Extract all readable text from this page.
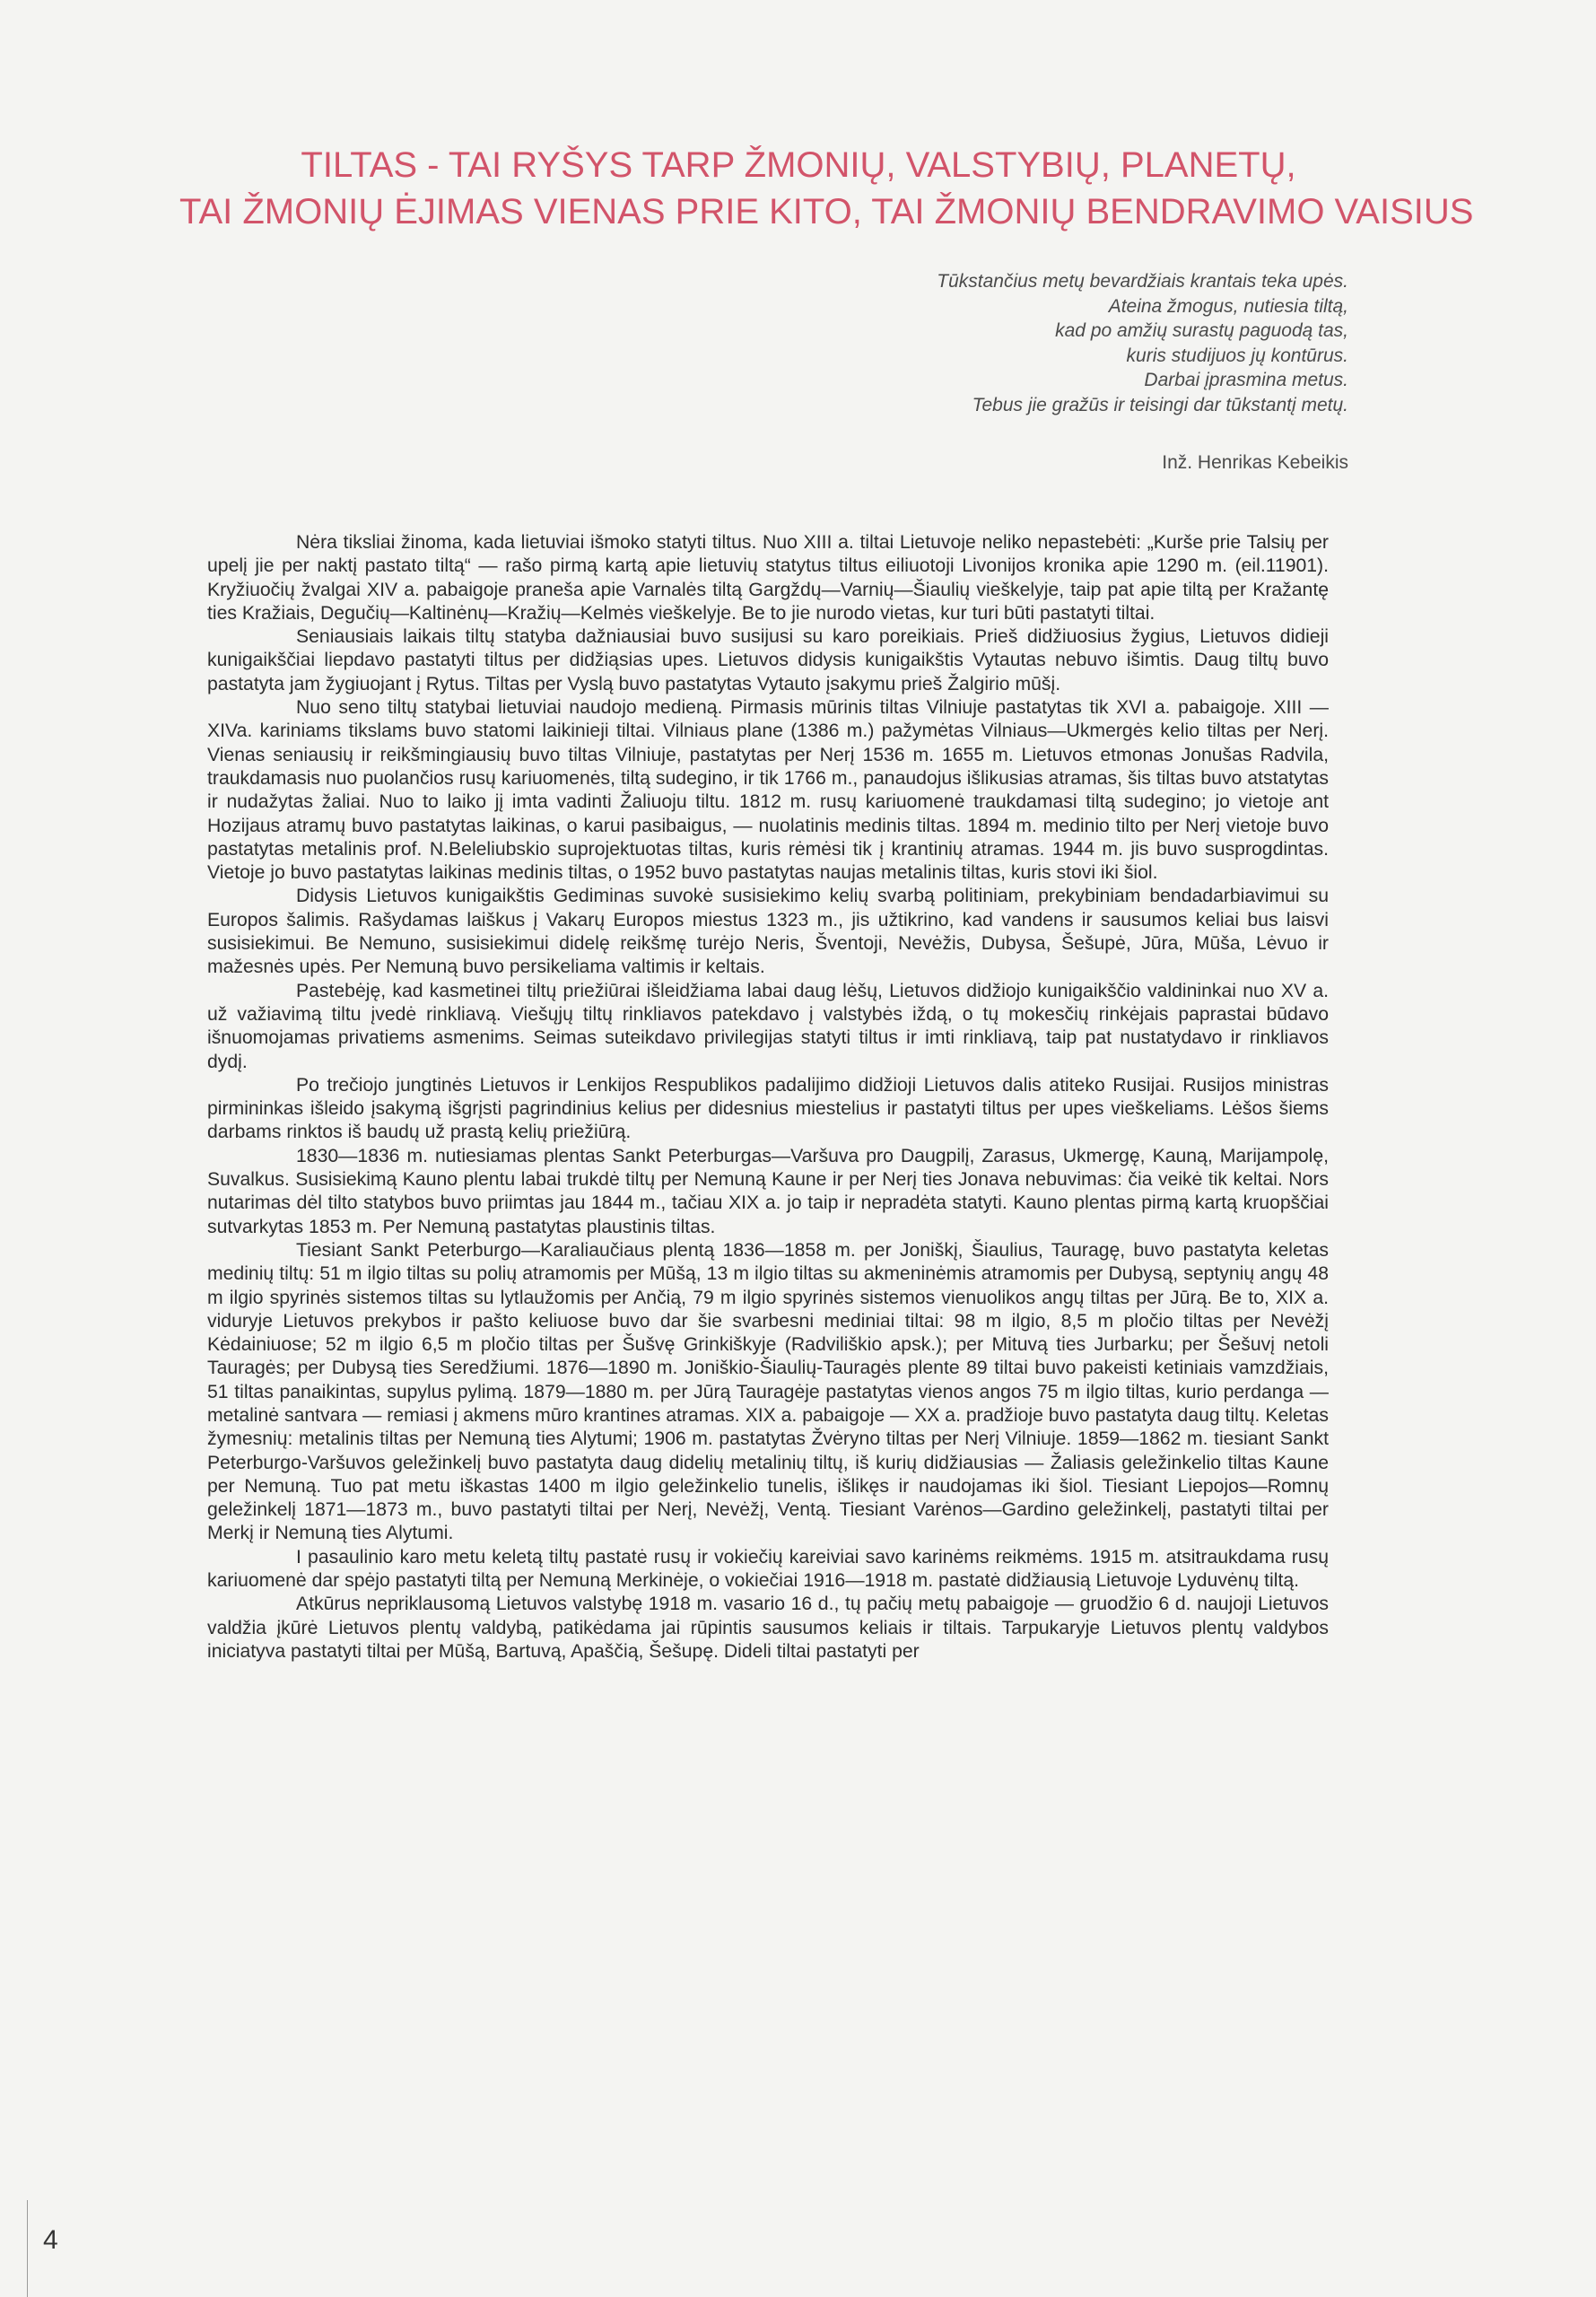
TILTAS - TAI RYŠYS TARP ŽMONIŲ, VALSTYBIŲ, PLANETŲ,
TAI ŽMONIŲ ĖJIMAS VIENAS PRIE KITO, TAI ŽMONIŲ BENDRAVIMO VAISIUS
Tūkstančius metų bevardžiais krantais teka upės.
Ateina žmogus, nutiesia tiltą,
kad po amžių surastų paguodą tas,
kuris studijuos jų kontūrus.
Darbai įprasmina metus.
Tebus jie gražūs ir teisingi dar tūkstantį metų.
Inž. Henrikas Kebeikis

Nėra tiksliai žinoma, kada lietuviai išmoko statyti tiltus. Nuo XIII a. tiltai Lietuvoje neliko nepastebėti: „Kurše prie Talsių per upelį jie per naktį pastato tiltą“ — rašo pirmą kartą apie lietuvių statytus tiltus eiliuotoji Livonijos kronika apie 1290 m. (eil.11901). Kryžiuočių žvalgai XIV a. pabaigoje praneša apie Varnalės tiltą Gargždų—Varnių—Šiaulių vieškelyje, taip pat apie tiltą per Kražantę ties Kražiais, Degučių—Kaltinėnų—Kražių—Kelmės vieškelyje. Be to jie nurodo vietas, kur turi būti pastatyti tiltai.

Seniausiais laikais tiltų statyba dažniausiai buvo susijusi su karo poreikiais. Prieš didžiuosius žygius, Lietuvos didieji kunigaikščiai liepdavo pastatyti tiltus per didžiąsias upes. Lietuvos didysis kunigaikštis Vytautas nebuvo išimtis. Daug tiltų buvo pastatyta jam žygiuojant į Rytus. Tiltas per Vyslą buvo pastatytas Vytauto įsakymu prieš Žalgirio mūšį.

Nuo seno tiltų statybai lietuviai naudojo medieną. Pirmasis mūrinis tiltas Vilniuje pastatytas tik XVI a. pabaigoje. XIII — XIVa. kariniams tikslams buvo statomi laikinieji tiltai. Vilniaus plane (1386 m.) pažymėtas Vilniaus—Ukmergės kelio tiltas per Nerį. Vienas seniausių ir reikšmingiausių buvo tiltas Vilniuje, pastatytas per Nerį 1536 m. 1655 m. Lietuvos etmonas Jonušas Radvila, traukdamasis nuo puolančios rusų kariuomenės, tiltą sudegino, ir tik 1766 m., panaudojus išlikusias atramas, šis tiltas buvo atstatytas ir nudažytas žaliai. Nuo to laiko jį imta vadinti Žaliuoju tiltu. 1812 m. rusų kariuomenė traukdamasi tiltą sudegino; jo vietoje ant Hozijaus atramų buvo pastatytas laikinas, o karui pasibaigus, — nuolatinis medinis tiltas. 1894 m. medinio tilto per Nerį vietoje buvo pastatytas metalinis prof. N.Beleliubskio suprojektuotas tiltas, kuris rėmėsi tik į krantinių atramas. 1944 m. jis buvo susprogdintas. Vietoje jo buvo pastatytas laikinas medinis tiltas, o 1952 buvo pastatytas naujas metalinis tiltas, kuris stovi iki šiol.

Didysis Lietuvos kunigaikštis Gediminas suvokė susisiekimo kelių svarbą politiniam, prekybiniam bendadarbiavimui su Europos šalimis. Rašydamas laiškus į Vakarų Europos miestus 1323 m., jis užtikrino, kad vandens ir sausumos keliai bus laisvi susisiekimui. Be Nemuno, susisiekimui didelę reikšmę turėjo Neris, Šventoji, Nevėžis, Dubysa, Šešupė, Jūra, Mūša, Lėvuo ir mažesnės upės. Per Nemuną buvo persikeliama valtimis ir keltais.

Pastebėję, kad kasmetinei tiltų priežiūrai išleidžiama labai daug lėšų, Lietuvos didžiojo kunigaikščio valdininkai nuo XV a. už važiavimą tiltu įvedė rinkliavą. Viešųjų tiltų rinkliavos patekdavo į valstybės iždą, o tų mokesčių rinkėjais paprastai būdavo išnuomojamas privatiems asmenims. Seimas suteikdavo privilegijas statyti tiltus ir imti rinkliavą, taip pat nustatydavo ir rinkliavos dydį.

Po trečiojo jungtinės Lietuvos ir Lenkijos Respublikos padalijimo didžioji Lietuvos dalis atiteko Rusijai. Rusijos ministras pirmininkas išleido įsakymą išgrįsti pagrindinius kelius per didesnius miestelius ir pastatyti tiltus per upes vieškeliams. Lėšos šiems darbams rinktos iš baudų už prastą kelių priežiūrą.

1830—1836 m. nutiesiamas plentas Sankt Peterburgas—Varšuva pro Daugpilį, Zarasus, Ukmergę, Kauną, Marijampolę, Suvalkus. Susisiekimą Kauno plentu labai trukdė tiltų per Nemuną Kaune ir per Nerį ties Jonava nebuvimas: čia veikė tik keltai. Nors nutarimas dėl tilto statybos buvo priimtas jau 1844 m., tačiau XIX a. jo taip ir nepradėta statyti. Kauno plentas pirmą kartą kruopščiai sutvarkytas 1853 m. Per Nemuną pastatytas plaustinis tiltas.

Tiesiant Sankt Peterburgo—Karaliaučiaus plentą 1836—1858 m. per Joniškį, Šiaulius, Tauragę, buvo pastatyta keletas medinių tiltų: 51 m ilgio tiltas su polių atramomis per Mūšą, 13 m ilgio tiltas su akmeninėmis atramomis per Dubysą, septynių angų 48 m ilgio spyrinės sistemos tiltas su lytlaužomis per Ančią, 79 m ilgio spyrinės sistemos vienuolikos angų tiltas per Jūrą. Be to, XIX a. viduryje Lietuvos prekybos ir pašto keliuose buvo dar šie svarbesni mediniai tiltai: 98 m ilgio, 8,5 m pločio tiltas per Nevėžį Kėdainiuose; 52 m ilgio 6,5 m pločio tiltas per Šušvę Grinkiškyje (Radviliškio apsk.); per Mituvą ties Jurbarku; per Šešuvį netoli Tauragės; per Dubysą ties Seredžiumi. 1876—1890 m. Joniškio-Šiaulių-Tauragės plente 89 tiltai buvo pakeisti ketiniais vamzdžiais, 51 tiltas panaikintas, supylus pylimą. 1879—1880 m. per Jūrą Tauragėje pastatytas vienos angos 75 m ilgio tiltas, kurio perdanga — metalinė santvara — remiasi į akmens mūro krantines atramas. XIX a. pabaigoje — XX a. pradžioje buvo pastatyta daug tiltų. Keletas žymesnių: metalinis tiltas per Nemuną ties Alytumi; 1906 m. pastatytas Žvėryno tiltas per Nerį Vilniuje. 1859—1862 m. tiesiant Sankt Peterburgo-Varšuvos geležinkelį buvo pastatyta daug didelių metalinių tiltų, iš kurių didžiausias — Žaliasis geležinkelio tiltas Kaune per Nemuną. Tuo pat metu iškastas 1400 m ilgio geležinkelio tunelis, išlikęs ir naudojamas iki šiol. Tiesiant Liepojos—Romnų geležinkelį 1871—1873 m., buvo pastatyti tiltai per Nerį, Nevėžį, Ventą. Tiesiant Varėnos—Gardino geležinkelį, pastatyti tiltai per Merkį ir Nemuną ties Alytumi.

I pasaulinio karo metu keletą tiltų pastatė rusų ir vokiečių kareiviai savo karinėms reikmėms. 1915 m. atsitraukdama rusų kariuomenė dar spėjo pastatyti tiltą per Nemuną Merkinėje, o vokiečiai 1916—1918 m. pastatė didžiausią Lietuvoje Lyduvėnų tiltą.

Atkūrus nepriklausomą Lietuvos valstybę 1918 m. vasario 16 d., tų pačių metų pabaigoje — gruodžio 6 d. naujoji Lietuvos valdžia įkūrė Lietuvos plentų valdybą, patikėdama jai rūpintis sausumos keliais ir tiltais. Tarpukaryje Lietuvos plentų valdybos iniciatyva pastatyti tiltai per Mūšą, Bartuvą, Apaščią, Šešupę. Dideli tiltai pastatyti per

4
